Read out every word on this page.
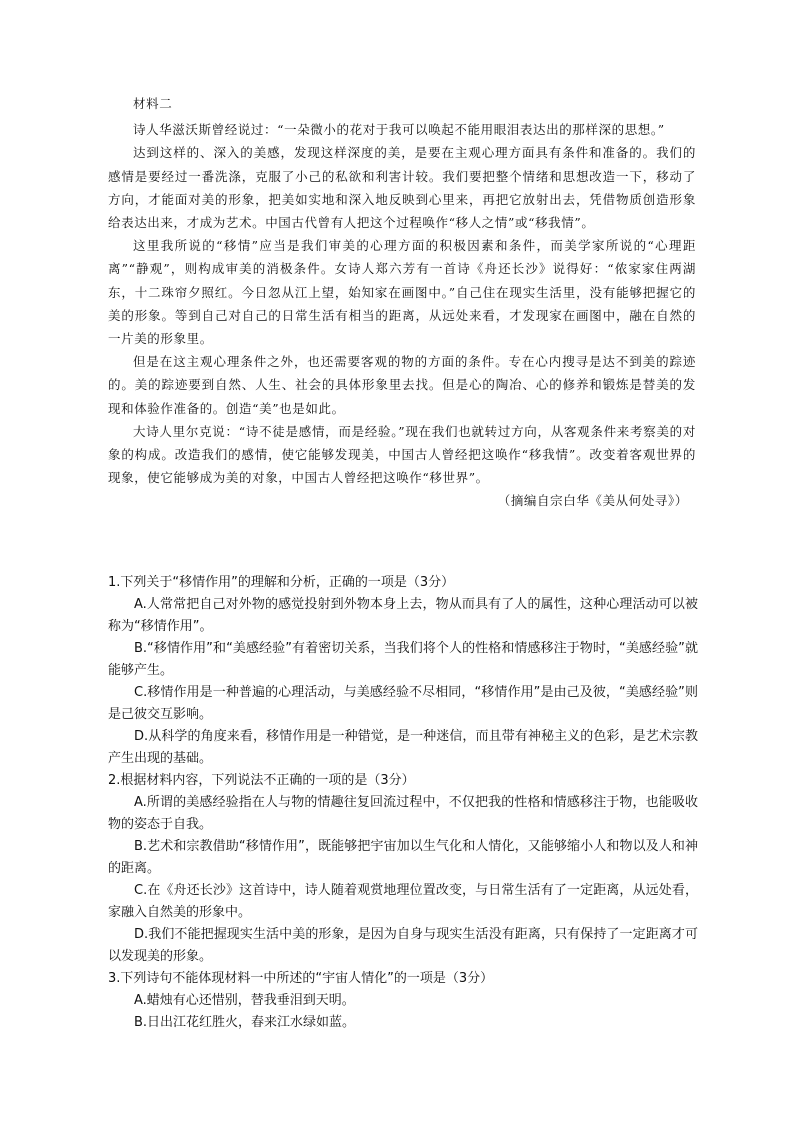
材料二

诗人华滋沃斯曾经说过：“一朵微小的花对于我可以唤起不能用眼泪表达出的那样深的思想。”

达到这样的、深入的美感，发现这样深度的美，是要在主观心理方面具有条件和准备的。我们的感情是要经过一番洗涤，克服了小己的私欲和利害计较。我们要把整个情绪和思想改造一下，移动了方向，才能面对美的形象，把美如实地和深入地反映到心里来，再把它放射出去，凭借物质创造形象给表达出来，才成为艺术。中国古代曾有人把这个过程唤作“移人之情”或“移我情”。

这里我所说的“移情”应当是我们审美的心理方面的积极因素和条件，而美学家所说的“心理距离”“静观”，则构成审美的消极条件。女诗人郑六芳有一首诗《舟还长沙》说得好：“侬家家住两湖东，十二珠帘夕照红。今日忽从江上望，始知家在画图中。”自己住在现实生活里，没有能够把握它的美的形象。等到自己对自己的日常生活有相当的距离，从远处来看，才发现家在画图中，融在自然的一片美的形象里。

但是在这主观心理条件之外，也还需要客观的物的方面的条件。专在心内搜寻是达不到美的踪迹的。美的踪迹要到自然、人生、社会的具体形象里去找。但是心的陶冶、心的修养和锻炼是替美的发现和体验作准备的。创造“美”也是如此。

大诗人里尔克说：“诗不徒是感情，而是经验。”现在我们也就转过方向，从客观条件来考察美的对象的构成。改造我们的感情，使它能够发现美，中国古人曾经把这唤作“移我情”。改变着客观世界的现象，使它能够成为美的对象，中国古人曾经把这唤作“移世界”。

（摘编自宗白华《美从何处寻》）

1.下列关于“移情作用”的理解和分析，正确的一项是（3分）

A.人常常把自己对外物的感觉投射到外物本身上去，物从而具有了人的属性，这种心理活动可以被称为“移情作用”。

B.“移情作用”和“美感经验”有着密切关系，当我们将个人的性格和情感移注于物时，“美感经验”就能够产生。

C.移情作用是一种普遍的心理活动，与美感经验不尽相同，“移情作用”是由己及彼，“美感经验”则是己彼交互影响。

D.从科学的角度来看，移情作用是一种错觉，是一种迷信，而且带有神秘主义的色彩，是艺术宗教产生出现的基础。

2.根据材料内容，下列说法不正确的一项的是（3分）

A.所谓的美感经验指在人与物的情趣往复回流过程中，不仅把我的性格和情感移注于物，也能吸收物的姿态于自我。

B.艺术和宗教借助“移情作用”，既能够把宇宙加以生气化和人情化，又能够缩小人和物以及人和神的距离。

C.在《舟还长沙》这首诗中，诗人随着观赏地理位置改变，与日常生活有了一定距离，从远处看，家融入自然美的形象中。

D.我们不能把握现实生活中美的形象，是因为自身与现实生活没有距离，只有保持了一定距离才可以发现美的形象。

3.下列诗句不能体现材料一中所述的“宇宙人情化”的一项是（3分）

A.蜡烛有心还惜别，替我垂泪到天明。

B.日出江花红胜火，春来江水绿如蓝。
